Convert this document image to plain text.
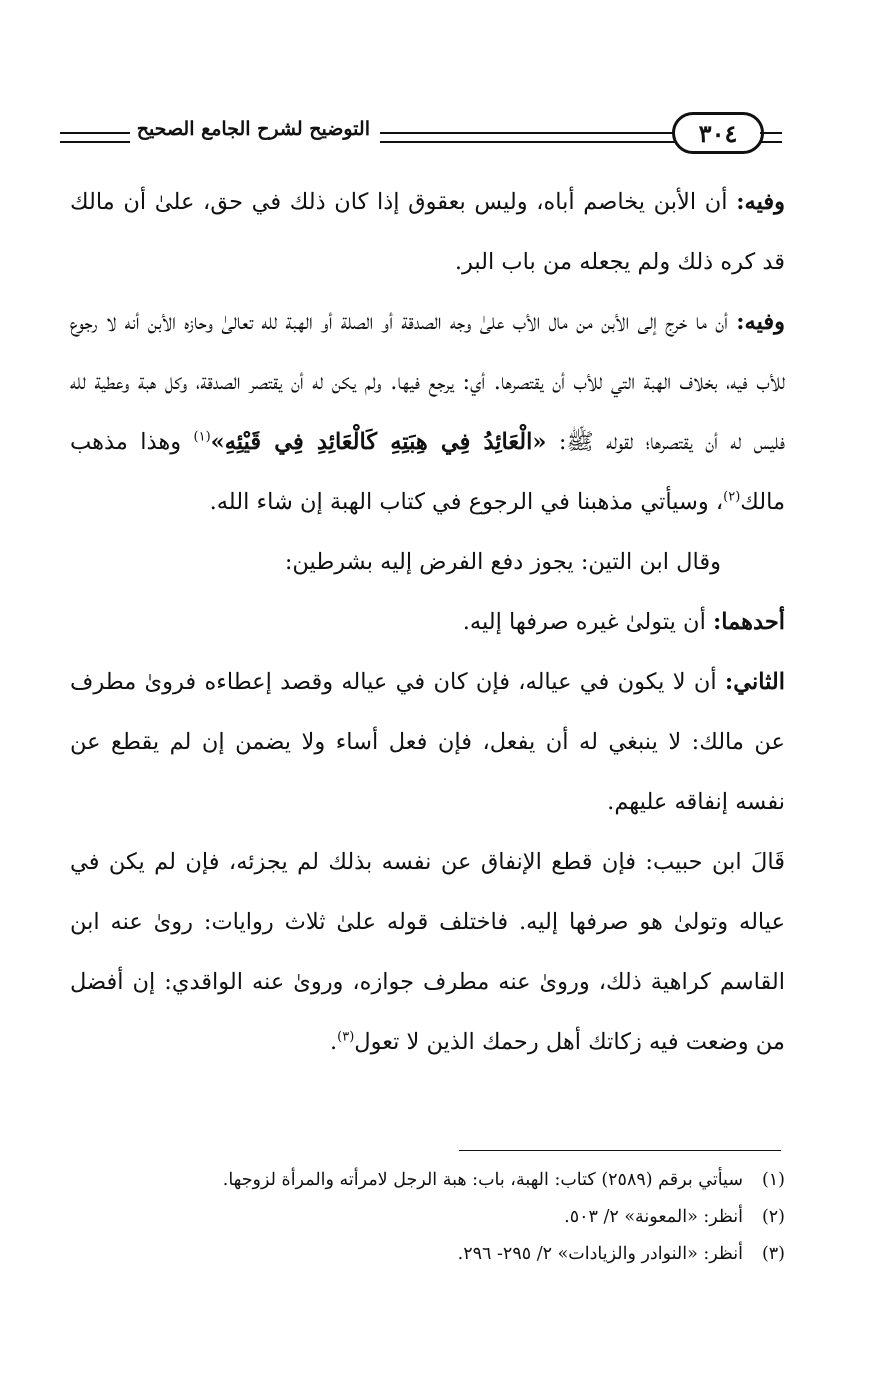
التوضيح لشرح الجامع الصحيح	٣٠٤

وفيه: أن الأبن يخاصم أباه، وليس بعقوق إذا كان ذلك في حق، علىٰ أن مالك قد كره ذلك ولم يجعله من باب البر.

وفيه: أن ما خرج إلى الأبن من مال الأب علىٰ وجه الصدقة أو الصلة أو الهبة لله تعالىٰ وحازه الأبن أنه لا رجوع للأب فيه، بخلاف الهبة التي للأب أن يقتصرها. أي: يرجع فيها. ولم يكن له أن يقتصر الصدقة، وكل هبة وعطية لله فليس له أن يقتصرها؛ لقوله ﷺ: «الْعَائِدُ فِي هِبَتِهِ كَالْعَائِدِ فِي قَيْئِهِ»$^{(١)}$ وهذا مذهب مالك$^{(٢)}$، وسيأتي مذهبنا في الرجوع في كتاب الهبة إن شاء الله.

وقال ابن التين: يجوز دفع الفرض إليه بشرطين:

أحدهما: أن يتولىٰ غيره صرفها إليه.

الثاني: أن لا يكون في عياله، فإن كان في عياله وقصد إعطاءه فروىٰ مطرف عن مالك: لا ينبغي له أن يفعل، فإن فعل أساء ولا يضمن إن لم يقطع عن نفسه إنفاقه عليهم.

قَالَ ابن حبيب: فإن قطع الإنفاق عن نفسه بذلك لم يجزئه، فإن لم يكن في عياله وتولىٰ هو صرفها إليه. فاختلف قوله علىٰ ثلاث روايات: روىٰ عنه ابن القاسم كراهية ذلك، وروىٰ عنه مطرف جوازه، وروىٰ عنه الواقدي: إن أفضل من وضعت فيه زكاتك أهل رحمك الذين لا تعول$^{(٣)}$.

(١)سيأتي برقم (٢٥٨٩) كتاب: الهبة، باب: هبة الرجل لامرأته والمرأة لزوجها.

(٢)أنظر: «المعونة» ٢/ ٥٠٣.

(٣)أنظر: «النوادر والزيادات» ٢/ ٢٩٥- ٢٩٦.
